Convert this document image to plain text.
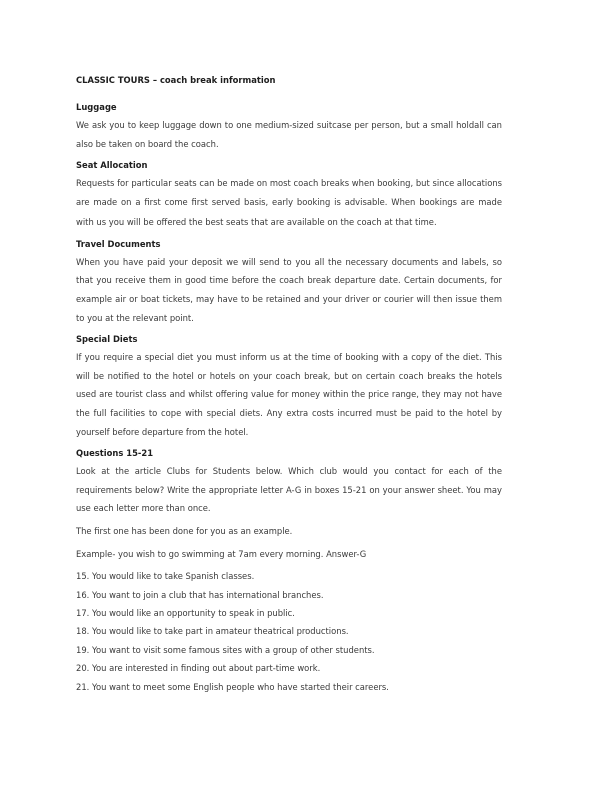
CLASSIC TOURS – coach break information
Luggage

We ask you to keep luggage down to one medium-sized suitcase per person, but a small holdall can also be taken on board the coach.

Seat Allocation

Requests for particular seats can be made on most coach breaks when booking, but since allocations are made on a first come first served basis, early booking is advisable. When bookings are made with us you will be offered the best seats that are available on the coach at that time.

Travel Documents

When you have paid your deposit we will send to you all the necessary documents and labels, so that you receive them in good time before the coach break departure date. Certain documents, for example air or boat tickets, may have to be retained and your driver or courier will then issue them to you at the relevant point.

Special Diets

If you require a special diet you must inform us at the time of booking with a copy of the diet. This will be notified to the hotel or hotels on your coach break, but on certain coach breaks the hotels used are tourist class and whilst offering value for money within the price range, they may not have the full facilities to cope with special diets. Any extra costs incurred must be paid to the hotel by yourself before departure from the hotel.

Questions 15-21

Look at the article Clubs for Students below. Which club would you contact for each of the requirements below? Write the appropriate letter A-G in boxes 15-21 on your answer sheet. You may use each letter more than once.

The first one has been done for you as an example.

Example- you wish to go swimming at 7am every morning. Answer-G

15. You would like to take Spanish classes.

16. You want to join a club that has international branches.

17. You would like an opportunity to speak in public.

18. You would like to take part in amateur theatrical productions.

19. You want to visit some famous sites with a group of other students.

20. You are interested in finding out about part-time work.

21. You want to meet some English people who have started their careers.
